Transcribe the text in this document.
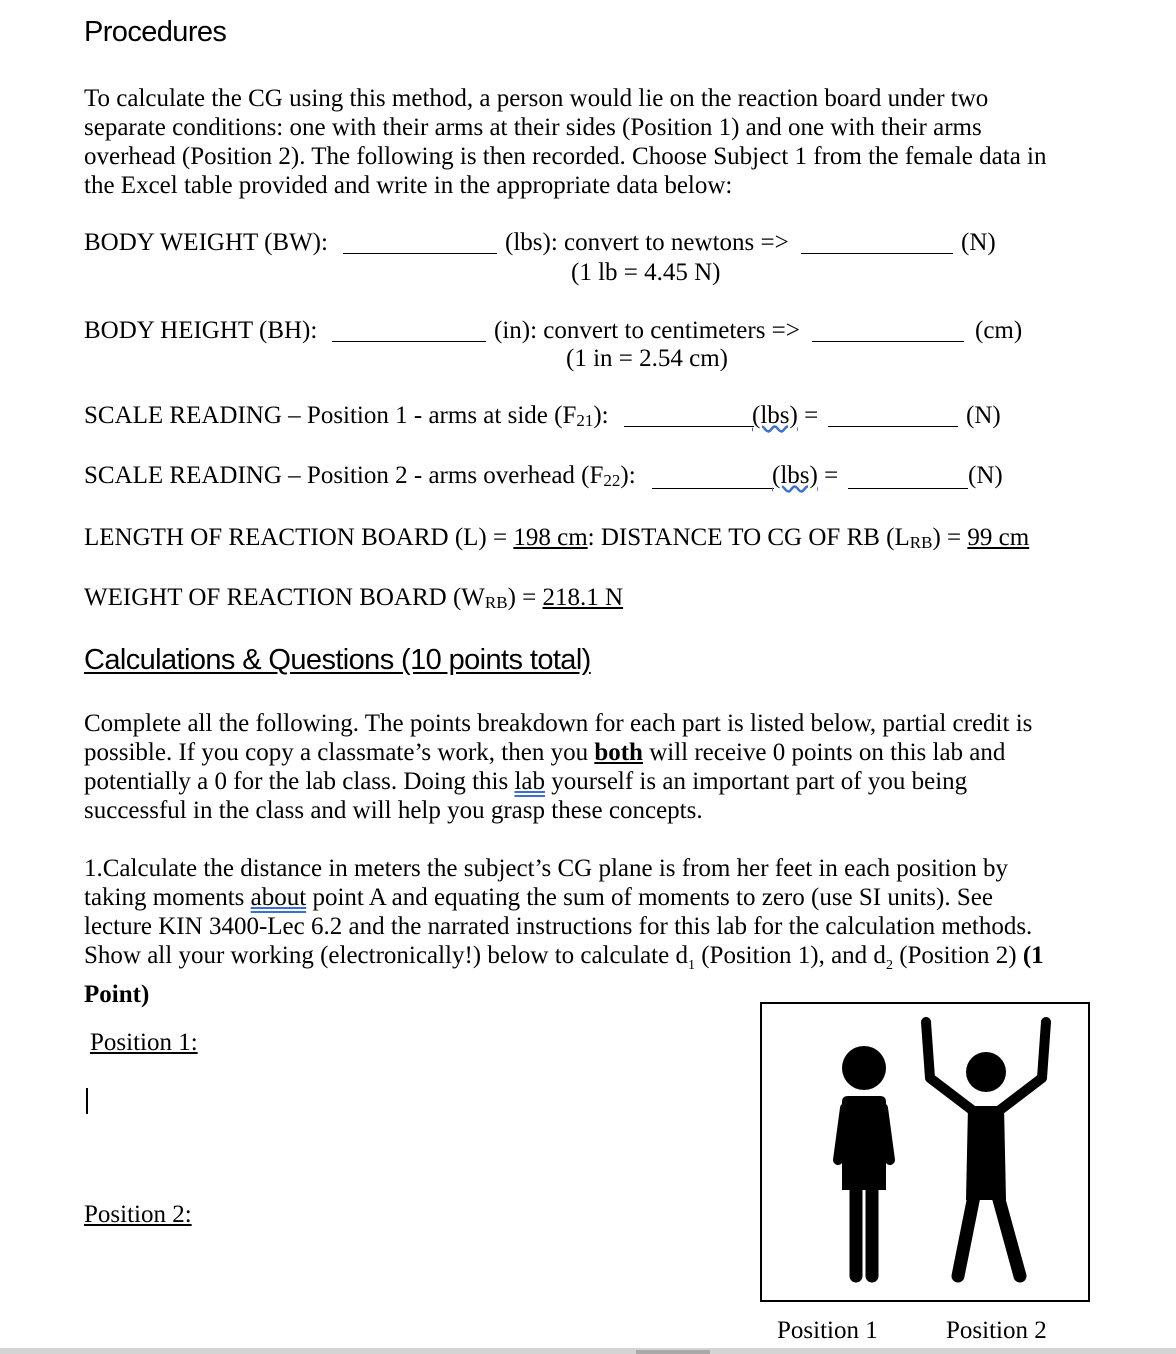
Procedures

To calculate the CG using this method, a person would lie on the reaction board under two

separate conditions: one with their arms at their sides (Position 1) and one with their arms

overhead (Position 2). The following is then recorded. Choose Subject 1 from the female data in

the Excel table provided and write in the appropriate data below:

BODY WEIGHT (BW):	(lbs): convert to newtons =>	(N)
(1 lb = 4.45 N)
BODY HEIGHT (BH):	(in): convert to centimeters =>	(cm)
(1 in = 2.54 cm)
SCALE READING – Position 1 - arms at side $(F_{21})$:	(lbs) =	(N)
SCALE READING – Position 2 - arms overhead $(F_{22})$:	(lbs) =	(N)
LENGTH OF REACTION BOARD (L) = 198 cm: DISTANCE TO CG OF RB $(L_{RB}) = 99$ cm
WEIGHT OF REACTION BOARD $(W_{RB}) = 218.1$ N
Calculations & Questions (10 points total)

Complete all the following. The points breakdown for each part is listed below, partial credit is

possible. If you copy a classmate’s work, then you both will receive 0 points on this lab and

potentially a 0 for the lab class. Doing this lab yourself is an important part of you being

successful in the class and will help you grasp these concepts.

1.Calculate the distance in meters the subject’s CG plane is from her feet in each position by

taking moments about point A and equating the sum of moments to zero (use SI units). See

lecture KIN 3400-Lec 6.2 and the narrated instructions for this lab for the calculation methods.

Show all your working (electronically!) below to calculate $d_1$ (Position 1), and $d_2$ (Position 2) (1

Point)

Position 1:
Position 2:
Position 1	Position 2
